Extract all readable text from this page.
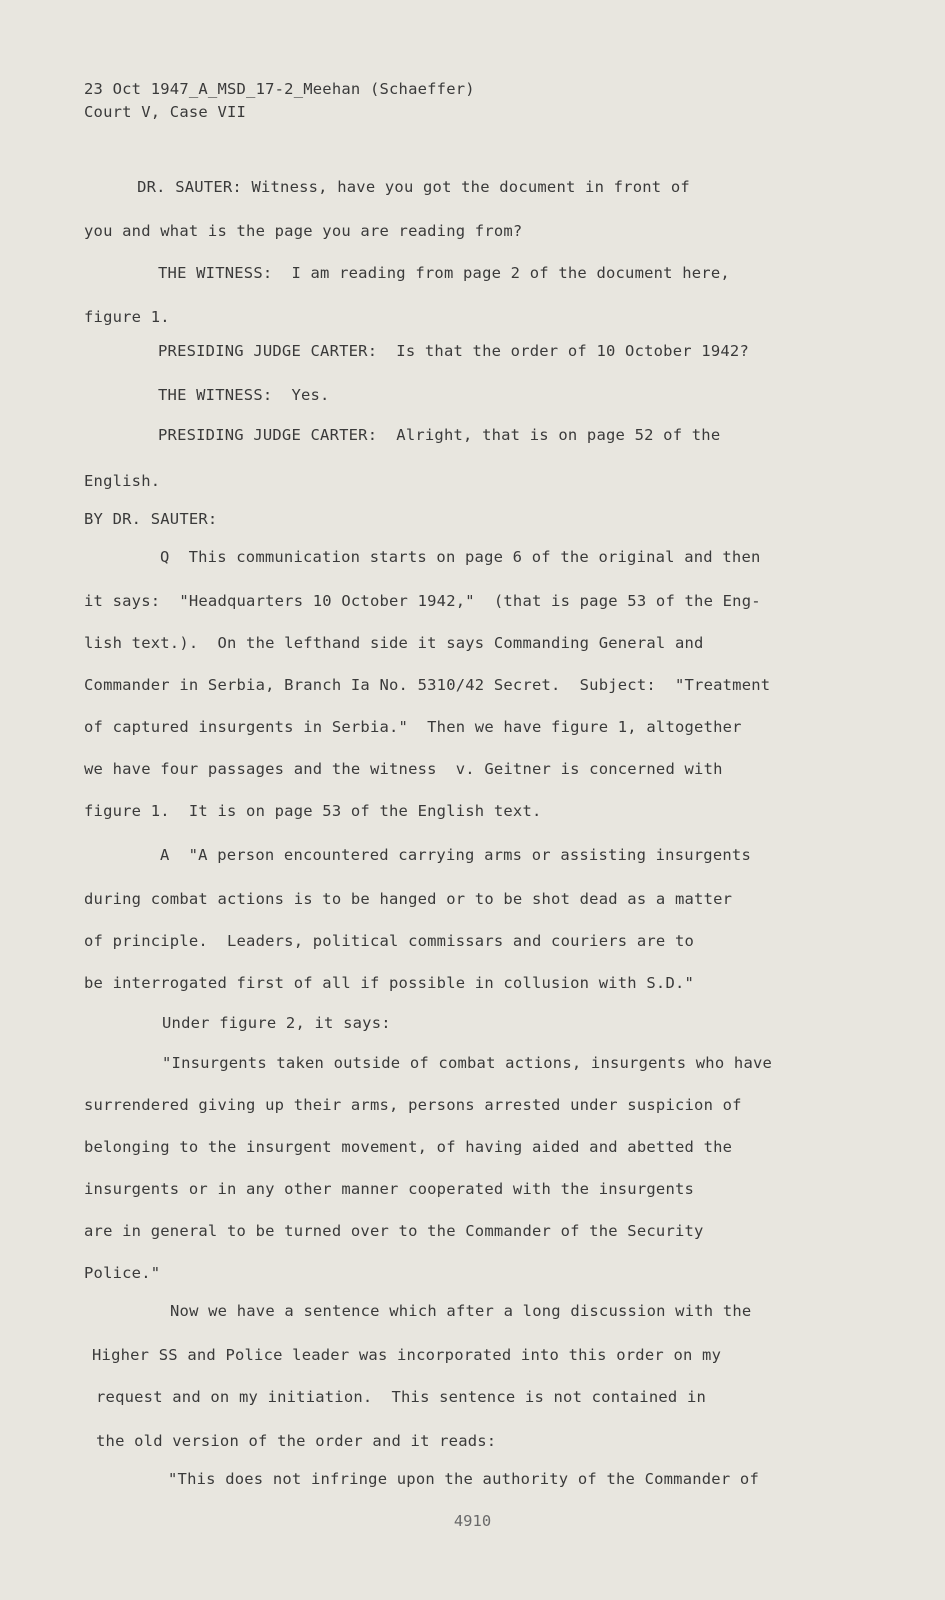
23 Oct 1947_A_MSD_17-2_Meehan (Schaeffer)
Court V, Case VII
DR. SAUTER: Witness, have you got the document in front of
you and what is the page you are reading from?
THE WITNESS:  I am reading from page 2 of the document here,
figure 1.
PRESIDING JUDGE CARTER:  Is that the order of 10 October 1942?
THE WITNESS:  Yes.
PRESIDING JUDGE CARTER:  Alright, that is on page 52 of the
English.
BY DR. SAUTER:
Q  This communication starts on page 6 of the original and then
it says:  "Headquarters 10 October 1942,"  (that is page 53 of the Eng-
lish text.).  On the lefthand side it says Commanding General and
Commander in Serbia, Branch Ia No. 5310/42 Secret.  Subject:  "Treatment
of captured insurgents in Serbia."  Then we have figure 1, altogether
we have four passages and the witness  v. Geitner is concerned with
figure 1.  It is on page 53 of the English text.
A  "A person encountered carrying arms or assisting insurgents
during combat actions is to be hanged or to be shot dead as a matter
of principle.  Leaders, political commissars and couriers are to
be interrogated first of all if possible in collusion with S.D."
Under figure 2, it says:
"Insurgents taken outside of combat actions, insurgents who have
surrendered giving up their arms, persons arrested under suspicion of
belonging to the insurgent movement, of having aided and abetted the
insurgents or in any other manner cooperated with the insurgents
are in general to be turned over to the Commander of the Security
Police."
Now we have a sentence which after a long discussion with the
Higher SS and Police leader was incorporated into this order on my
request and on my initiation.  This sentence is not contained in
the old version of the order and it reads:
"This does not infringe upon the authority of the Commander of
4910
